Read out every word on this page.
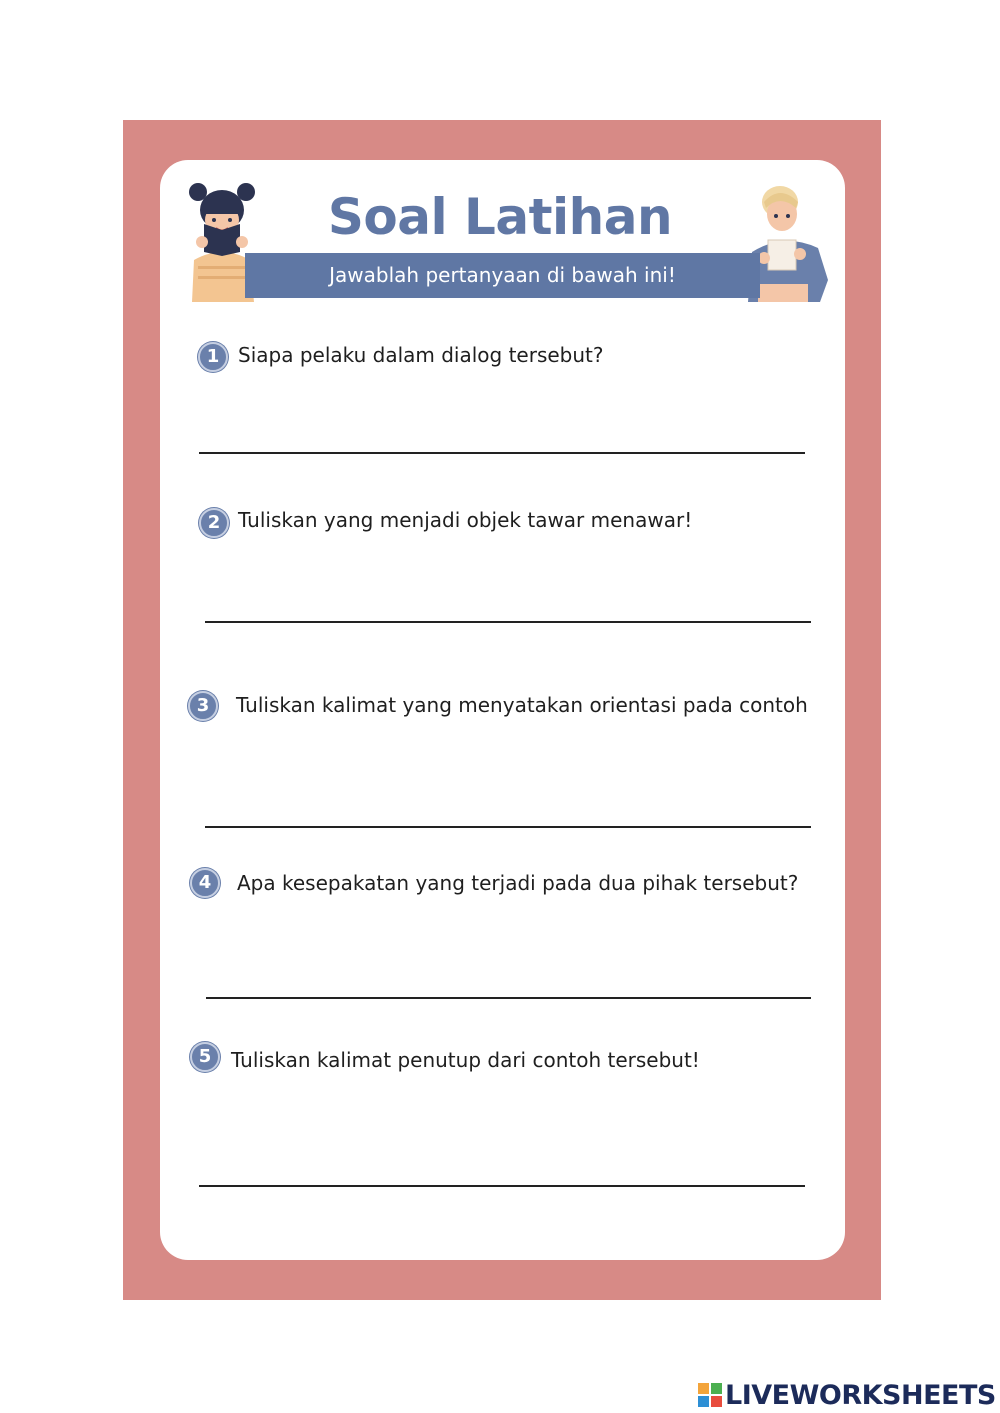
Soal Latihan
Jawablah pertanyaan di bawah ini!
1 Siapa pelaku dalam dialog tersebut?
2 Tuliskan yang menjadi objek tawar menawar!
3	Tuliskan kalimat yang menyatakan orientasi pada contoh
4	Apa kesepakatan yang terjadi pada dua pihak tersebut?
5 Tuliskan kalimat penutup dari contoh tersebut!
LIVEWORKSHEETS
